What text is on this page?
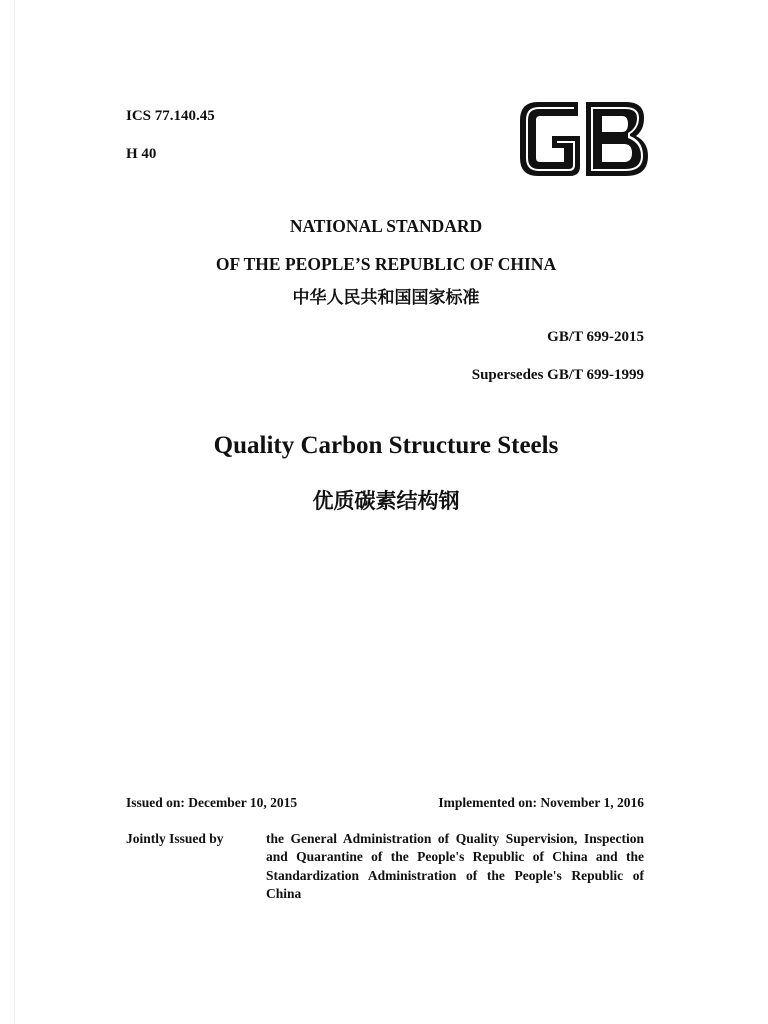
ICS 77.140.45
H 40
NATIONAL STANDARD
OF THE PEOPLE’S REPUBLIC OF CHINA
中华人民共和国国家标准
GB/T 699-2015
Supersedes GB/T 699-1999
Quality Carbon Structure Steels
优质碳素结构钢
Issued on: December 10, 2015	Implemented on: November 1, 2016
Jointly Issued by	the General Administration of Quality Supervision, Inspection and Quarantine of the People's Republic of China and the Standardization Administration of the People's Republic of China
